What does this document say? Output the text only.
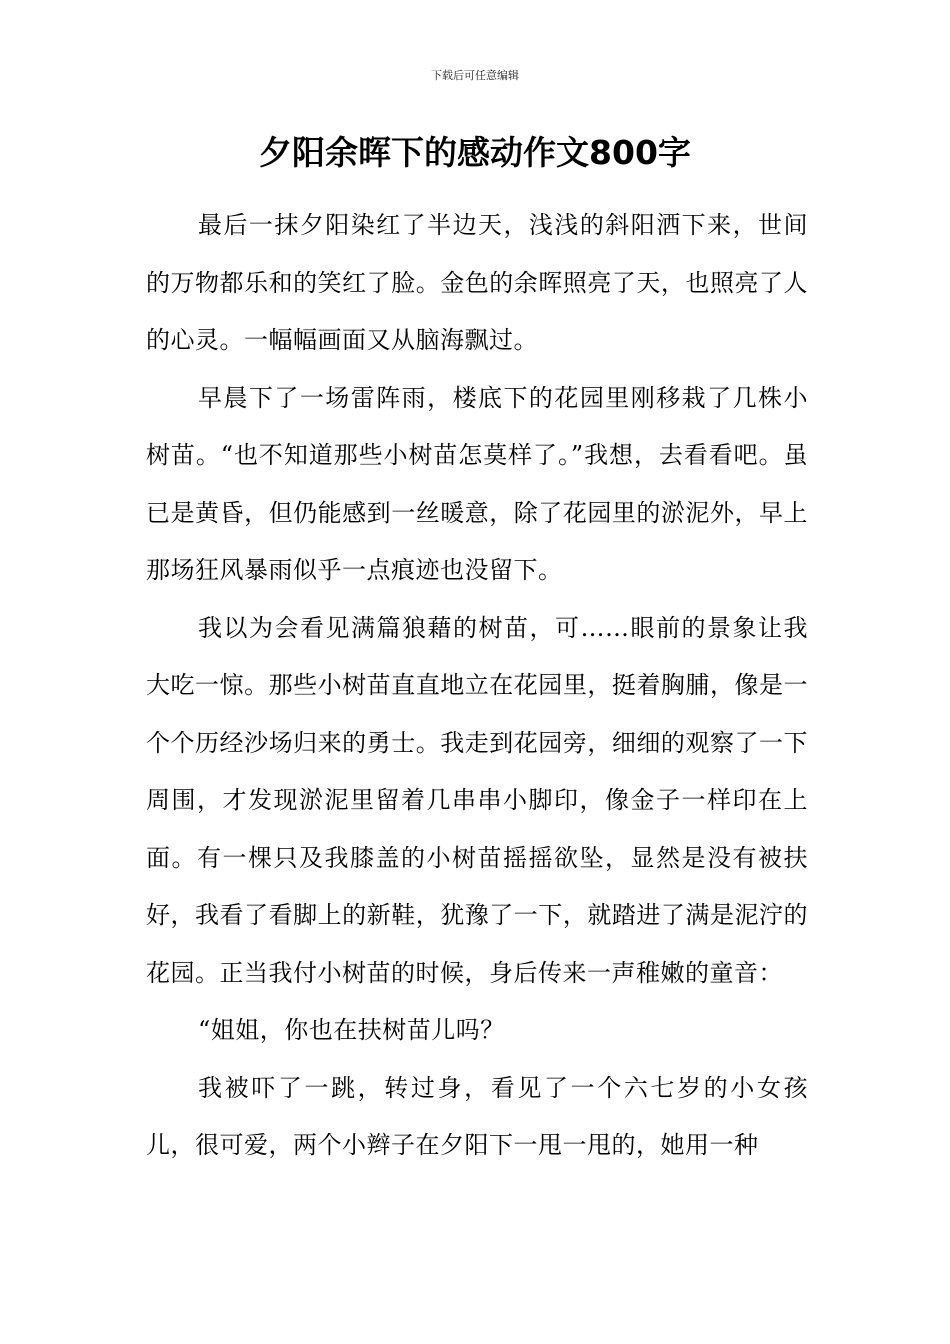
下载后可任意编辑
夕阳余晖下的感动作文800字

最后一抹夕阳染红了半边天，浅浅的斜阳洒下来，世间的万物都乐和的笑红了脸。金色的余晖照亮了天，也照亮了人的心灵。一幅幅画面又从脑海飘过。

早晨下了一场雷阵雨，楼底下的花园里刚移栽了几株小树苗。“也不知道那些小树苗怎莫样了。”我想，去看看吧。虽已是黄昏，但仍能感到一丝暖意，除了花园里的淤泥外，早上那场狂风暴雨似乎一点痕迹也没留下。

我以为会看见满篇狼藉的树苗，可……眼前的景象让我大吃一惊。那些小树苗直直地立在花园里，挺着胸脯，像是一个个历经沙场归来的勇士。我走到花园旁，细细的观察了一下周围，才发现淤泥里留着几串串小脚印，像金子一样印在上面。有一棵只及我膝盖的小树苗摇摇欲坠，显然是没有被扶好，我看了看脚上的新鞋，犹豫了一下，就踏进了满是泥泞的花园。正当我付小树苗的时候，身后传来一声稚嫩的童音：

“姐姐，你也在扶树苗儿吗？

我被吓了一跳，转过身，看见了一个六七岁的小女孩儿，很可爱，两个小辫子在夕阳下一甩一甩的，她用一种
